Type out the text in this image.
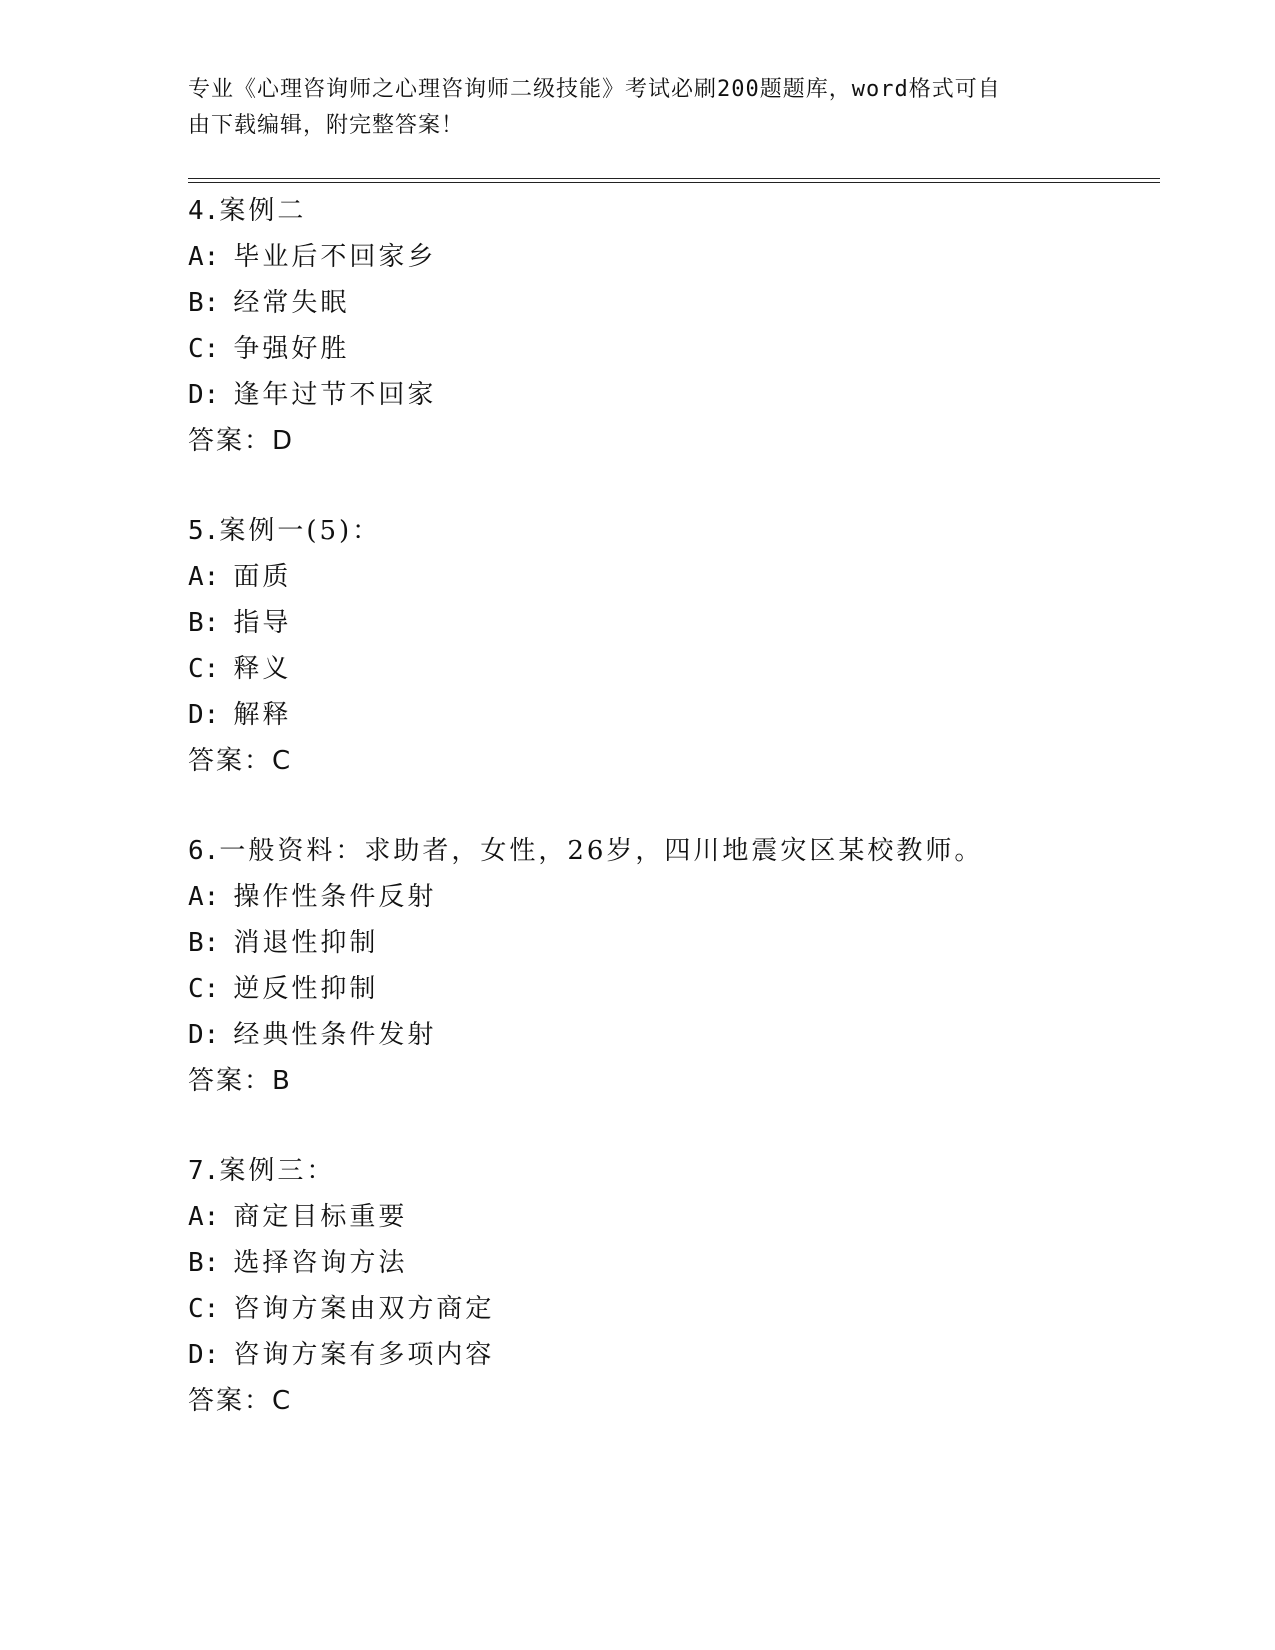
专业《心理咨询师之心理咨询师二级技能》考试必刷200题题库，word格式可自
由下载编辑，附完整答案！
4.案例二
A: 毕业后不回家乡
B: 经常失眠
C: 争强好胜
D: 逢年过节不回家
答案：D
5.案例一(5)：
A: 面质
B: 指导
C: 释义
D: 解释
答案：C
6.一般资料：求助者，女性，26岁，四川地震灾区某校教师。
A: 操作性条件反射
B: 消退性抑制
C: 逆反性抑制
D: 经典性条件发射
答案：B
7.案例三：
A: 商定目标重要
B: 选择咨询方法
C: 咨询方案由双方商定
D: 咨询方案有多项内容
答案：C
